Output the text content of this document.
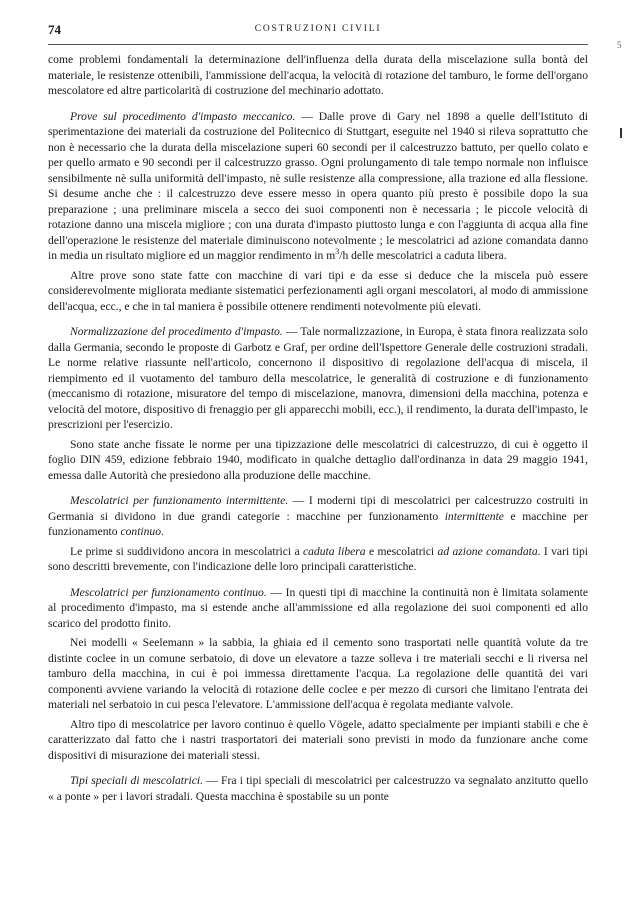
74	COSTRUZIONI CIVILI
5

come problemi fondamentali la determinazione dell'influenza della durata della miscelazione sulla bontà del materiale, le resistenze ottenibili, l'ammissione dell'acqua, la velocità di rotazione del tamburo, le forme dell'organo mescolatore ed altre particolarità di costruzione del mechinario adottato.

Prove sul procedimento d'impasto meccanico. — Dalle prove di Gary nel 1898 a quelle dell'Istituto di sperimentazione dei materiali da costruzione del Politecnico di Stuttgart, eseguite nel 1940 si rileva soprattutto che non è necessario che la durata della miscelazione superi 60 secondi per il calcestruzzo battuto, per quello colato e per quello armato e 90 secondi per il calcestruzzo grasso. Ogni prolungamento di tale tempo normale non influisce sensibilmente nè sulla uniformità dell'impasto, nè sulle resistenze alla compressione, alla trazione ed alla flessione. Si desume anche che : il calcestruzzo deve essere messo in opera quanto più presto è possibile dopo la sua preparazione ; una preliminare miscela a secco dei suoi componenti non è necessaria ; le piccole velocità di rotazione danno una miscela migliore ; con una durata d'impasto piuttosto lunga e con l'aggiunta di acqua alla fine dell'operazione le resistenze del materiale diminuiscono notevolmente ; le mescolatrici ad azione comandata danno in media un risultato migliore ed un maggior rendimento in $m^3/h$ delle mescolatrici a caduta libera.

Altre prove sono state fatte con macchine di vari tipi e da esse si deduce che la miscela può essere considerevolmente migliorata mediante sistematici perfezionamenti agli organi mescolatori, al modo di ammissione dell'acqua, ecc., e che in tal maniera è possibile ottenere rendimenti notevolmente più elevati.

Normalizzazione del procedimento d'impasto. — Tale normalizzazione, in Europa, è stata finora realizzata solo dalla Germania, secondo le proposte di Garbotz e Graf, per ordine dell'Ispettore Generale delle costruzioni stradali. Le norme relative riassunte nell'articolo, concernono il dispositivo di regolazione dell'acqua di miscela, il riempimento ed il vuotamento del tamburo della mescolatrice, le generalità di costruzione e di funzionamento (meccanismo di rotazione, misuratore del tempo di miscelazione, manovra, dimensioni della macchina, potenza e velocità del motore, dispositivo di frenaggio per gli apparecchi mobili, ecc.), il rendimento, la durata dell'impasto, le prescrizioni per l'esercizio.

Sono state anche fissate le norme per una tipizzazione delle mescolatrici di calcestruzzo, di cui è oggetto il foglio DIN 459, edizione febbraio 1940, modificato in qualche dettaglio dall'ordinanza in data 29 maggio 1941, emessa dalle Autorità che presiedono alla produzione delle macchine.

Mescolatrici per funzionamento intermittente. — I moderni tipi di mescolatrici per calcestruzzo costruiti in Germania si dividono in due grandi categorie : macchine per funzionamento intermittente e macchine per funzionamento continuo.

Le prime si suddividono ancora in mescolatrici a caduta libera e mescolatrici ad azione comandata. I vari tipi sono descritti brevemente, con l'indicazione delle loro principali caratteristiche.

Mescolatrici per funzionamento continuo. — In questi tipi di macchine la continuità non è limitata solamente al procedimento d'impasto, ma si estende anche all'ammissione ed alla regolazione dei suoi componenti ed allo scarico del prodotto finito.

Nei modelli « Seelemann » la sabbia, la ghiaia ed il cemento sono trasportati nelle quantità volute da tre distinte coclee in un comune serbatoio, di dove un elevatore a tazze solleva i tre materiali secchi e li riversa nel tamburo della macchina, in cui è poi immessa direttamente l'acqua. La regolazione delle quantità dei vari componenti avviene variando la velocità di rotazione delle coclee e per mezzo di cursori che limitano l'entrata dei materiali nel serbatoio in cui pesca l'elevatore. L'ammissione dell'acqua è regolata mediante valvole.

Altro tipo di mescolatrice per lavoro continuo è quello Vögele, adatto specialmente per impianti stabili e che è caratterizzato dal fatto che i nastri trasportatori dei materiali sono previsti in modo da funzionare anche come dispositivi di misurazione dei materiali stessi.

Tipi speciali di mescolatrici. — Fra i tipi speciali di mescolatrici per calcestruzzo va segnalato anzitutto quello « a ponte » per i lavori stradali. Questa macchina è spostabile su un ponte
